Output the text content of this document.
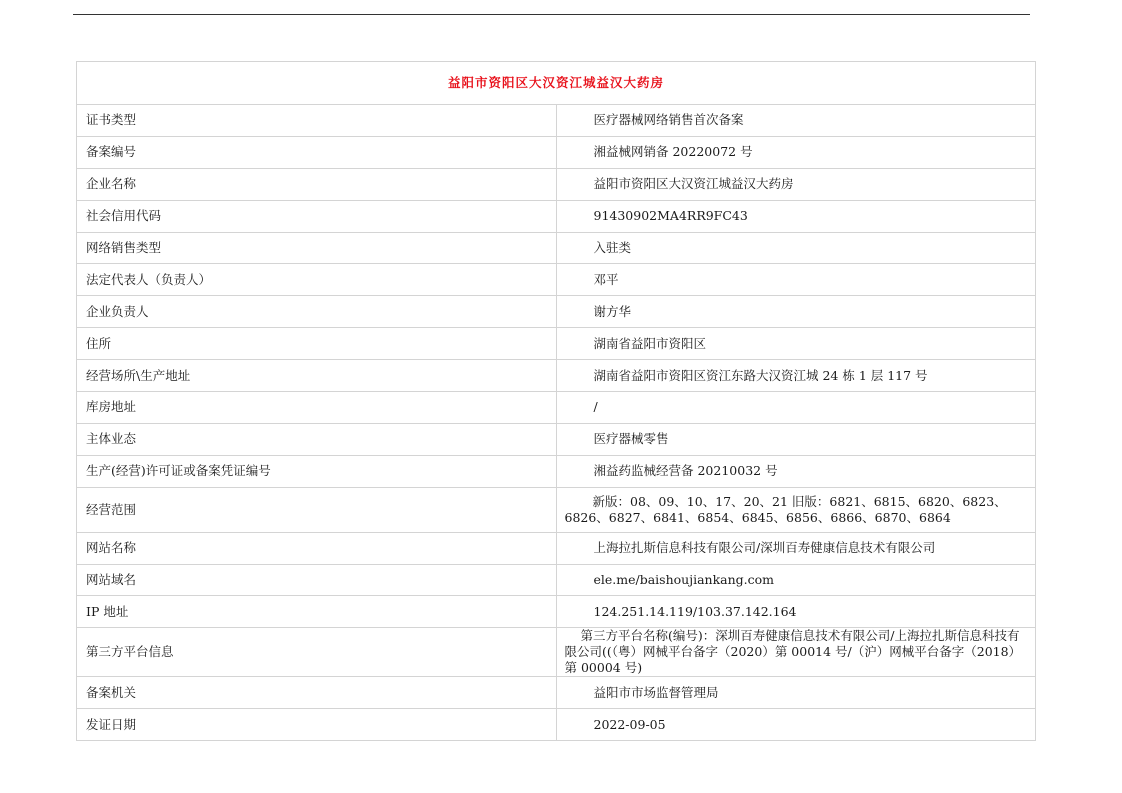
益阳市资阳区大汉资江城益汉大药房	
证书类型	医疗器械网络销售首次备案
备案编号	湘益械网销备 20220072 号
企业名称	益阳市资阳区大汉资江城益汉大药房
社会信用代码	91430902MA4RR9FC43
网络销售类型	入驻类
法定代表人（负责人）	邓平
企业负责人	谢方华
住所	湖南省益阳市资阳区
经营场所\生产地址	湖南省益阳市资阳区资江东路大汉资江城 24 栋 1 层 117 号
库房地址	/
主体业态	医疗器械零售
生产(经营)许可证或备案凭证编号	湘益药监械经营备 20210032 号
经营范围	新版：08、09、10、17、20、21 旧版：6821、6815、6820、6823、6826、6827、6841、6854、6845、6856、6866、6870、6864
网站名称	上海拉扎斯信息科技有限公司/深圳百寿健康信息技术有限公司
网站域名	ele.me/baishoujiankang.com
IP 地址	124.251.14.119/103.37.142.164
第三方平台信息	第三方平台名称(编号)：深圳百寿健康信息技术有限公司/上海拉扎斯信息科技有限公司((（粤）网械平台备字（2020）第 00014 号/（沪）网械平台备字（2018）第 00004 号)
备案机关	益阳市市场监督管理局
发证日期	2022-09-05
